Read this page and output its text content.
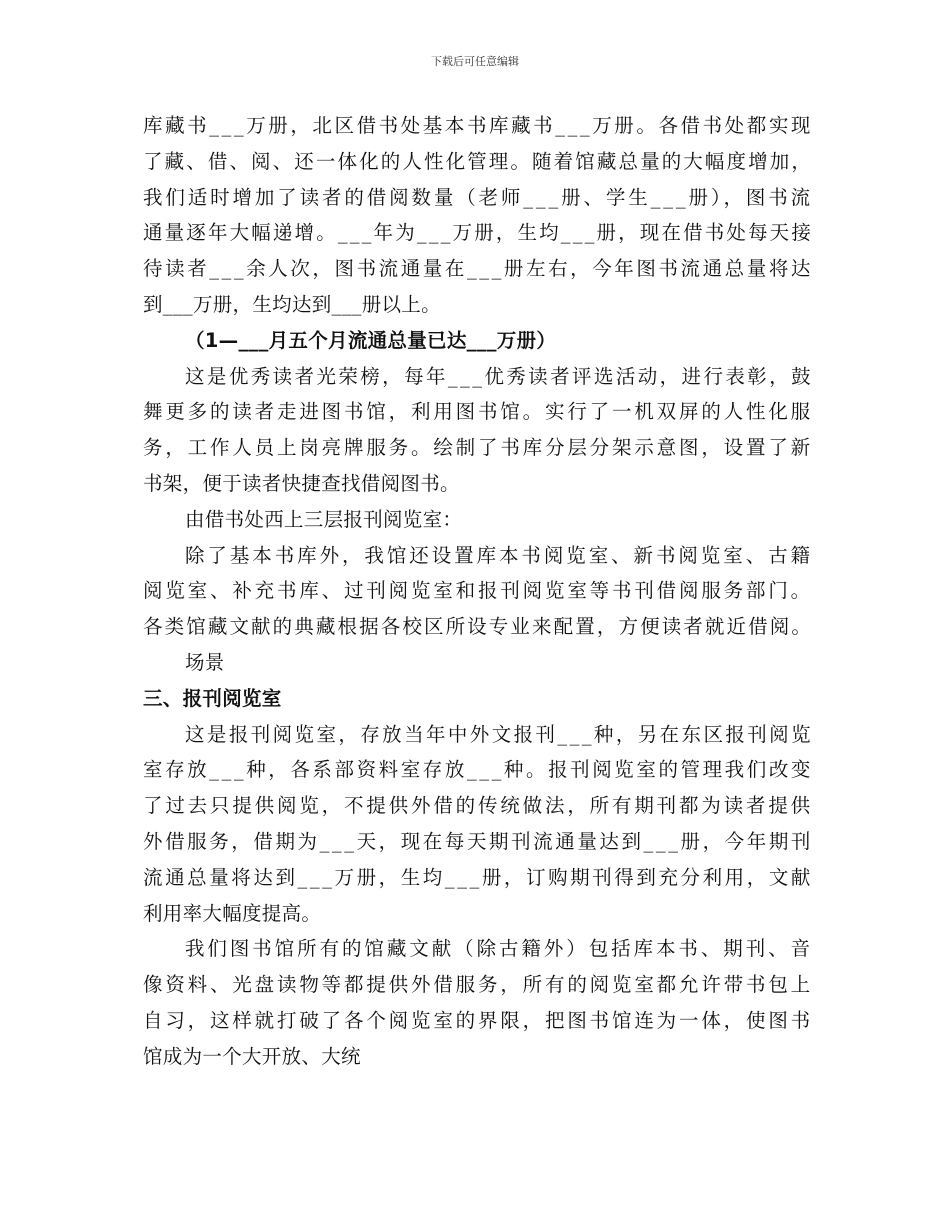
下载后可任意编辑
库藏书___万册，北区借书处基本书库藏书___万册。各借书处都实现
了藏、借、阅、还一体化的人性化管理。随着馆藏总量的大幅度增加，
我们适时增加了读者的借阅数量（老师___册、学生___册），图书流
通量逐年大幅递增。___年为___万册，生均___册，现在借书处每天接
待读者___余人次，图书流通量在___册左右，今年图书流通总量将达
到___万册，生均达到___册以上。
（1—___月五个月流通总量已达___万册）
这是优秀读者光荣榜，每年___优秀读者评选活动，进行表彰，鼓
舞更多的读者走进图书馆，利用图书馆。实行了一机双屏的人性化服
务，工作人员上岗亮牌服务。绘制了书库分层分架示意图，设置了新
书架，便于读者快捷查找借阅图书。
由借书处西上三层报刊阅览室：
除了基本书库外，我馆还设置库本书阅览室、新书阅览室、古籍
阅览室、补充书库、过刊阅览室和报刊阅览室等书刊借阅服务部门。
各类馆藏文献的典藏根据各校区所设专业来配置，方便读者就近借阅。
场景
三、报刊阅览室
这是报刊阅览室，存放当年中外文报刊___种，另在东区报刊阅览
室存放___种，各系部资料室存放___种。报刊阅览室的管理我们改变
了过去只提供阅览，不提供外借的传统做法，所有期刊都为读者提供
外借服务，借期为___天，现在每天期刊流通量达到___册，今年期刊
流通总量将达到___万册，生均___册，订购期刊得到充分利用，文献
利用率大幅度提高。
我们图书馆所有的馆藏文献（除古籍外）包括库本书、期刊、音
像资料、光盘读物等都提供外借服务，所有的阅览室都允许带书包上
自习，这样就打破了各个阅览室的界限，把图书馆连为一体，使图书
馆成为一个大开放、大统
